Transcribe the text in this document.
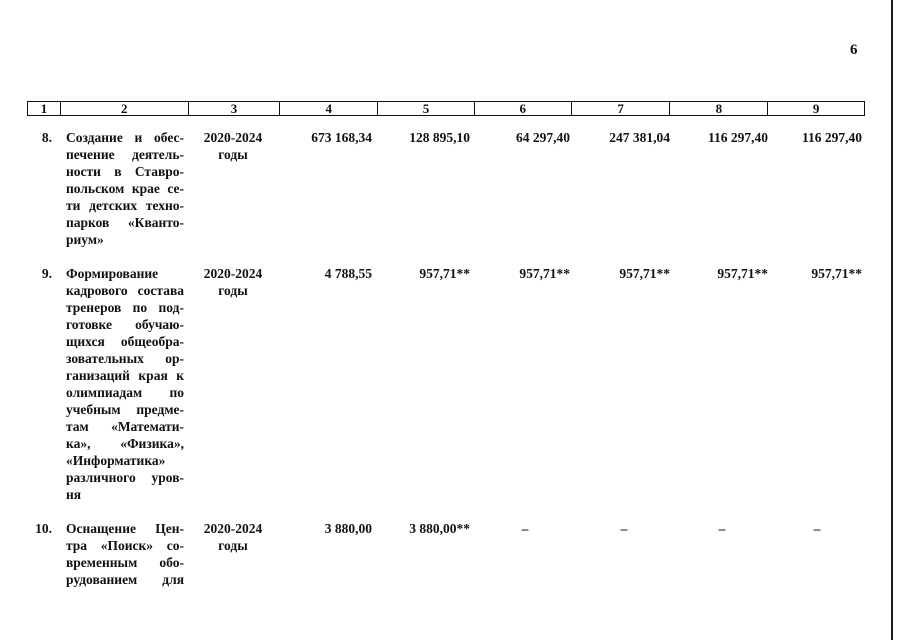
6
1	2	3	4	5	6	7	8	9
8. Создание и обес-
печение деятель-
ности в Ставро-
польском крае се-
ти детских техно-
парков «Кванто-
риум»
2020-2024
годы
673 168,34	128 895,10	64 297,40	247 381,04	116 297,40	116 297,40
9. Формирование
кадрового состава
тренеров по под-
готовке обучаю-
щихся общеобра-
зовательных ор-
ганизаций края к
олимпиадам по
учебным предме-
там «Математи-
ка», «Физика»,
«Информатика»
различного уров-
ня
2020-2024
годы
4 788,55	957,71**	957,71**	957,71**	957,71**	957,71**
10. Оснащение Цен-
тра «Поиск» со-
временным обо-
рудованием для
2020-2024
годы
3 880,00	3 880,00**	–	–	–	–
